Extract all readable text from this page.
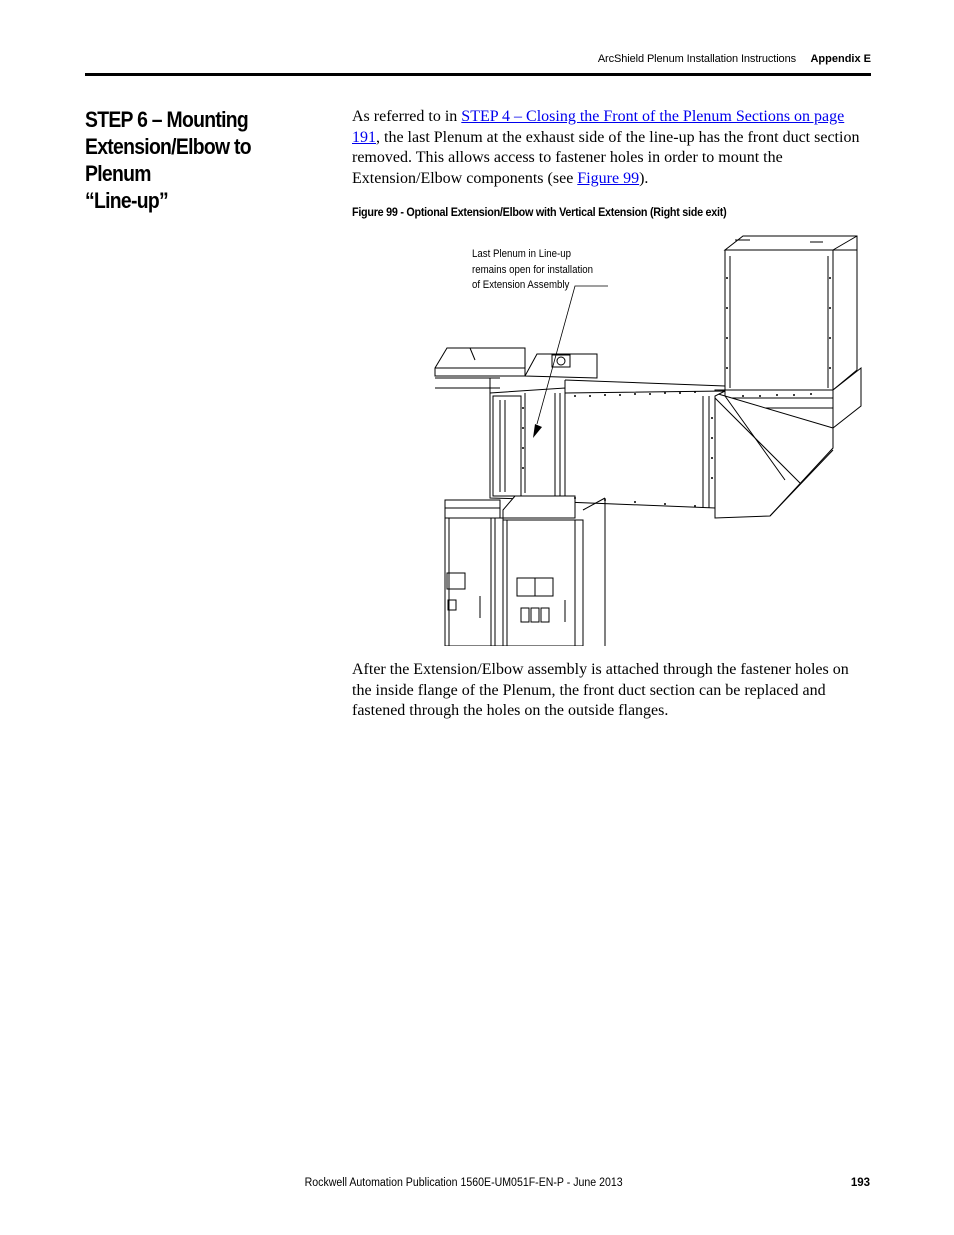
ArcShield Plenum Installation Instructions Appendix E
STEP 6 – Mounting
Extension/Elbow to Plenum
“Line-up”

As referred to in STEP 4 – Closing the Front of the Plenum Sections on page 191, the last Plenum at the exhaust side of the line-up has the front duct section removed. This allows access to fastener holes in order to mount the Extension/Elbow components (see Figure 99).

Figure 99 - Optional Extension/Elbow with Vertical Extension (Right side exit)
Last Plenum in Line-up
remains open for installation
of Extension Assembly

After the Extension/Elbow assembly is attached through the fastener holes on the inside flange of the Plenum, the front duct section can be replaced and fastened through the holes on the outside flanges.

Rockwell Automation Publication 1560E-UM051F-EN-P - June 2013	193
